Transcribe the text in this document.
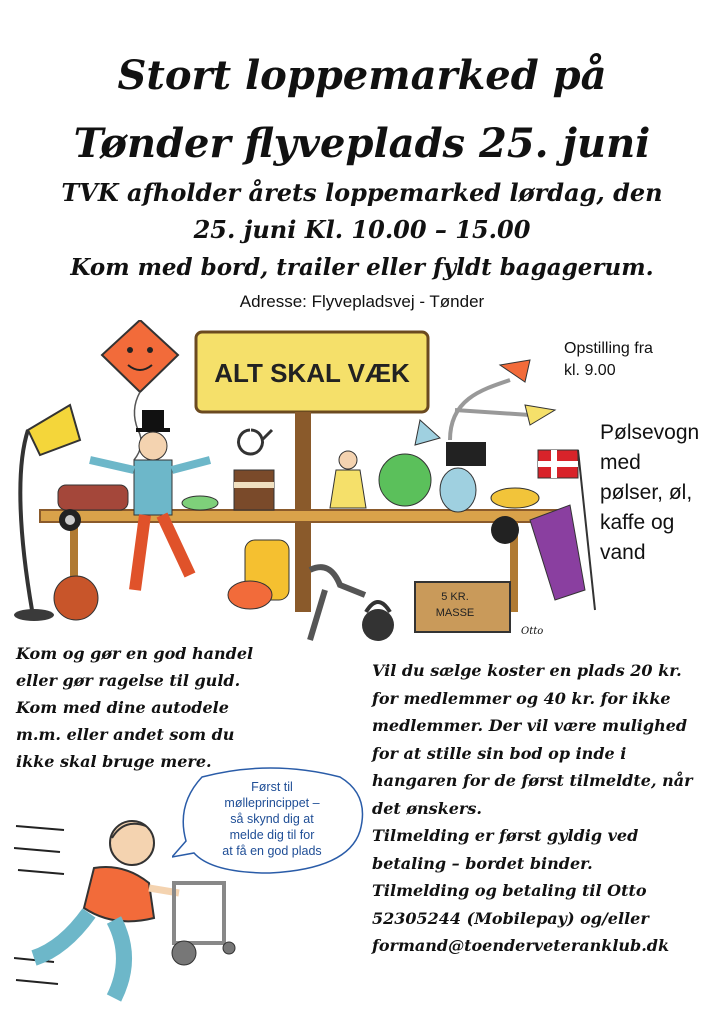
Stort loppemarked på
Tønder flyveplads 25. juni
TVK afholder årets loppemarked lørdag, den
25. juni Kl. 10.00 – 15.00
Kom med bord, trailer eller fyldt bagagerum.
Adresse: Flyvepladsvej - Tønder
Opstilling fra
kl. 9.00
Pølsevogn
med
pølser, øl,
kaffe og
vand
ALT SKAL VÆK
5 KR.
MASSE
Otto
Kom og gør en god handel eller gør ragelse til guld. Kom med dine autodele m.m. eller andet som du ikke skal bruge mere.
Vil du sælge koster en plads 20 kr.
for medlemmer og 40 kr. for ikke
medlemmer. Der vil være mulighed
for at stille sin bod op inde i
hangaren for de først tilmeldte, når
det ønskers.
Tilmelding er først gyldig ved
betaling – bordet binder.
Tilmelding og betaling til Otto
52305244 (Mobilepay) og/eller
formand@toenderveteranklub.dk
Først til
mølleprincippet –
så skynd dig at
melde dig til for
at få en god plads
